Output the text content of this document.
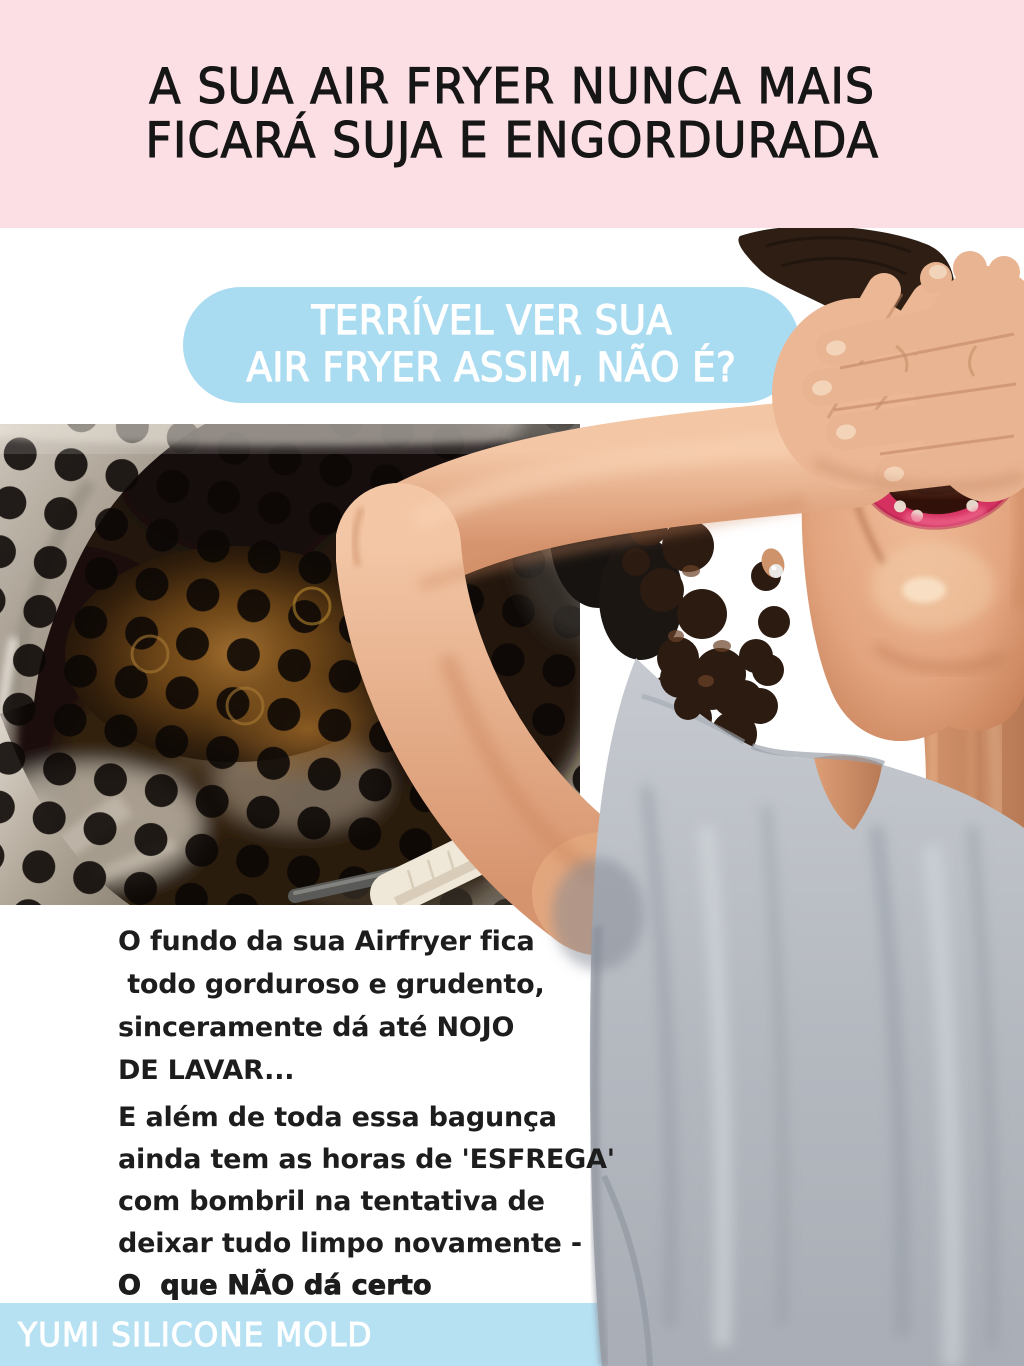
A SUA AIR FRYER NUNCA MAIS
FICARÁ SUJA E ENGORDURADA
TERRÍVEL VER SUA
AIR FRYER ASSIM, NÃO É?
O fundo da sua Airfryer fica
todo gorduroso e grudento,
sinceramente dá até NOJO
DE LAVAR...
E além de toda essa bagunça
ainda tem as horas de 'ESFREGA'
com bombril na tentativa de
deixar tudo limpo novamente -
O  que NÃO dá certo
YUMI SILICONE MOLD
